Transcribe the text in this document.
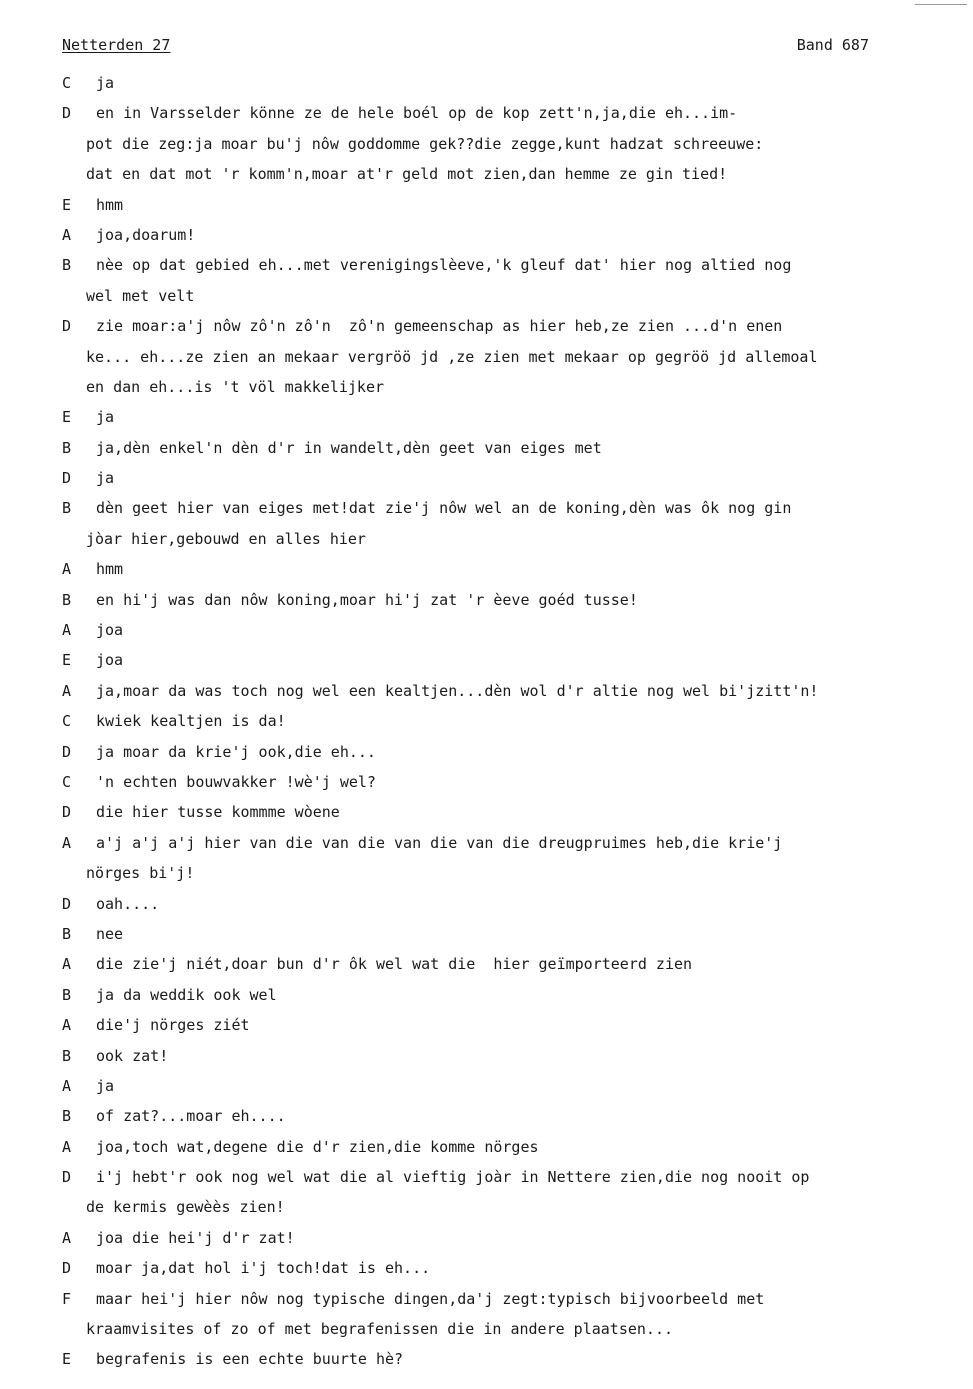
Netterden 27	Band 687
C	ja
D	en in Varsselder könne ze de hele boél op de kop zett'n,ja,die eh...im-
pot die zeg:ja moar bu'j nôw goddomme gek??die zegge,kunt hadzat schreeuwe:
dat en dat mot 'r komm'n,moar at'r geld mot zien,dan hemme ze gin tied!
E	hmm
A	joa,doarum!
B	nèe op dat gebied eh...met verenigingslèeve,'k gleuf dat' hier nog altied nog
wel met velt
D	zie moar:a'j nôw zô'n zô'n  zô'n gemeenschap as hier heb,ze zien ...d'n enen
ke... eh...ze zien an mekaar vergröö jd ,ze zien met mekaar op gegröö jd allemoal
en dan eh...is 't völ makkelijker
E	ja
B	ja,dèn enkel'n dèn d'r in wandelt,dèn geet van eiges met
D	ja
B	dèn geet hier van eiges met!dat zie'j nôw wel an de koning,dèn was ôk nog gin
jòar hier,gebouwd en alles hier
A	hmm
B	en hi'j was dan nôw koning,moar hi'j zat 'r èeve goéd tusse!
A	joa
E	joa
A	ja,moar da was toch nog wel een kealtjen...dèn wol d'r altie nog wel bi'jzitt'n!
C	kwiek kealtjen is da!
D	ja moar da krie'j ook,die eh...
C	'n echten bouwvakker !wè'j wel?
D	die hier tusse kommme wòene
A	a'j a'j a'j hier van die van die van die van die dreugpruimes heb,die krie'j
nörges bi'j!
D	oah....
B	nee
A	die zie'j niét,doar bun d'r ôk wel wat die  hier geïmporteerd zien
B	ja da weddik ook wel
A	die'j nörges ziét
B	ook zat!
A	ja
B	of zat?...moar eh....
A	joa,toch wat,degene die d'r zien,die komme nörges
D	i'j hebt'r ook nog wel wat die al vieftig joàr in Nettere zien,die nog nooit op
de kermis gewèès zien!
A	joa die hei'j d'r zat!
D	moar ja,dat hol i'j toch!dat is eh...
F	maar hei'j hier nôw nog typische dingen,da'j zegt:typisch bijvoorbeeld met
kraamvisites of zo of met begrafenissen die in andere plaatsen...
E	begrafenis is een echte buurte hè?
